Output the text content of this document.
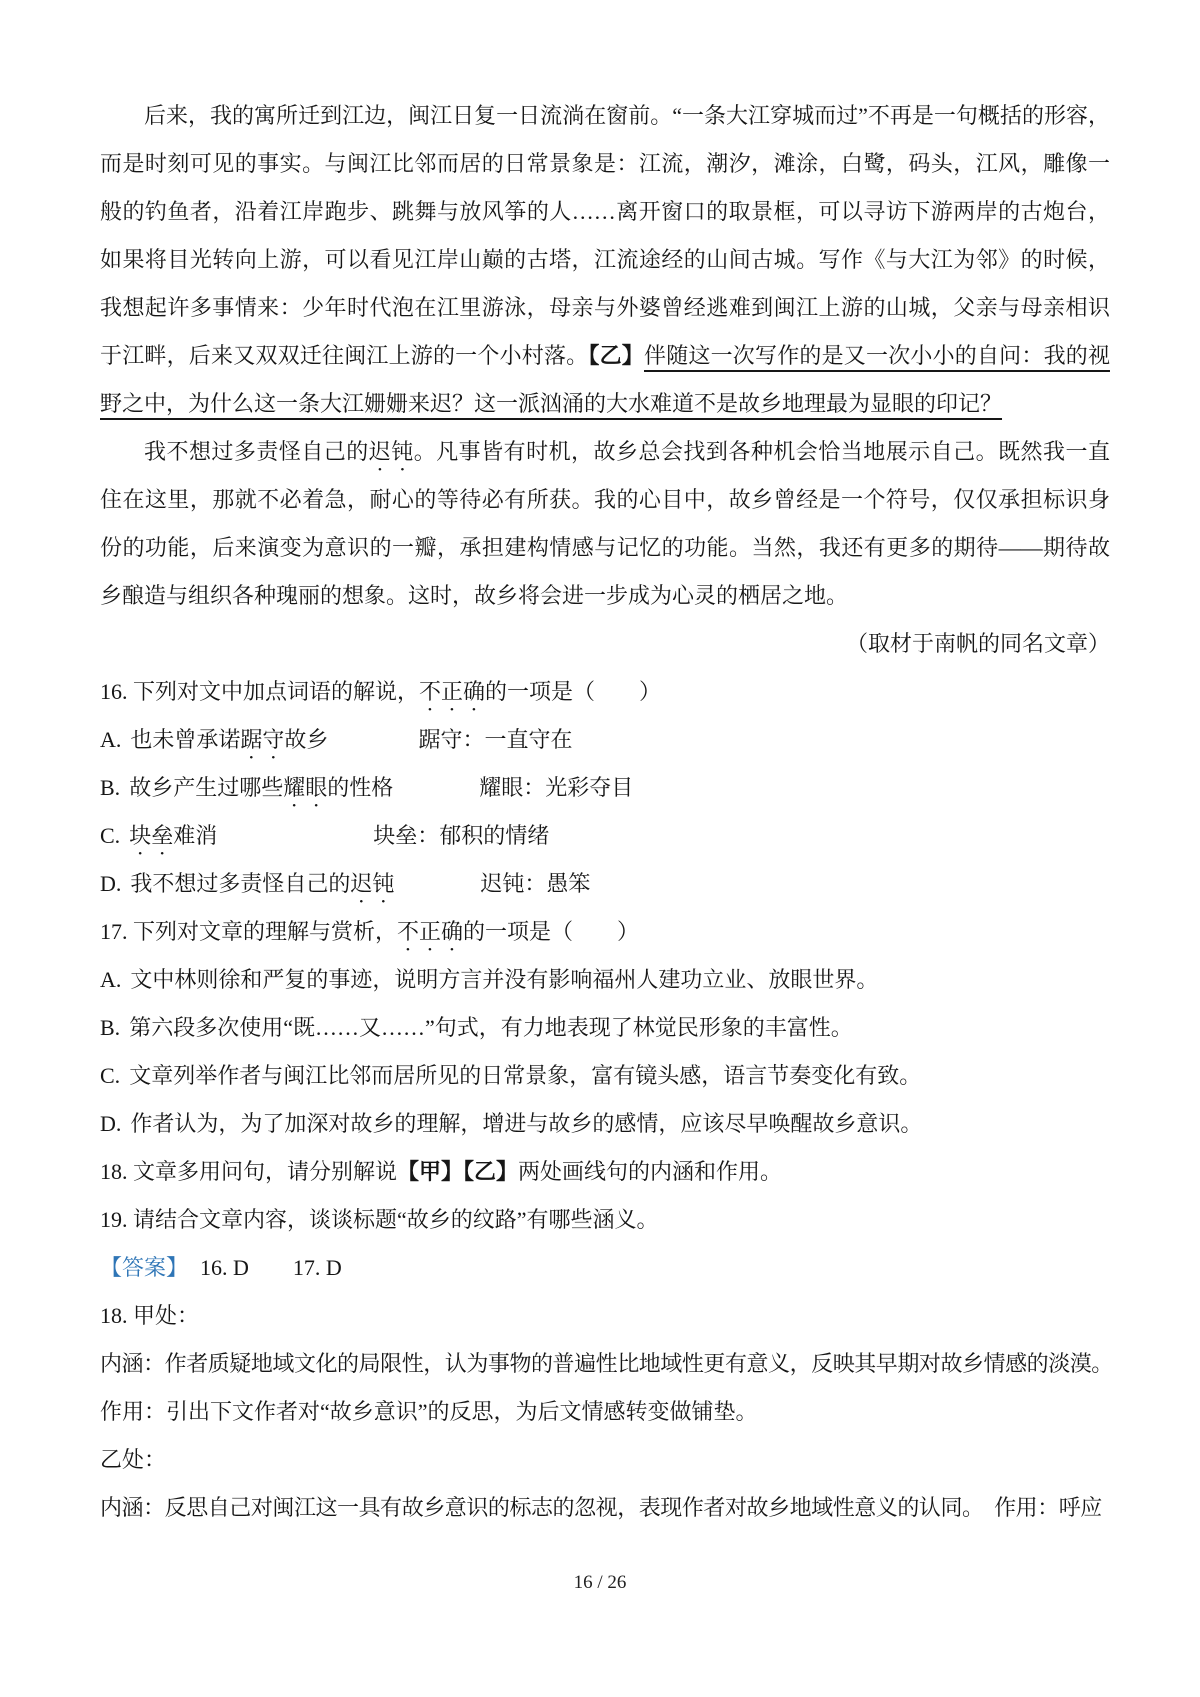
后来，我的寓所迁到江边，闽江日复一日流淌在窗前。“一条大江穿城而过”不再是一句概括的形容，而是时刻可见的事实。与闽江比邻而居的日常景象是：江流，潮汐，滩涂，白鹭，码头，江风，雕像一般的钓鱼者，沿着江岸跑步、跳舞与放风筝的人……离开窗口的取景框，可以寻访下游两岸的古炮台，如果将目光转向上游，可以看见江岸山巅的古塔，江流途经的山间古城。写作《与大江为邻》的时候，我想起许多事情来：少年时代泡在江里游泳，母亲与外婆曾经逃难到闽江上游的山城，父亲与母亲相识于江畔，后来又双双迁往闽江上游的一个小村落。【乙】伴随这一次写作的是又一次小小的自问：我的视野之中，为什么这一条大江姗姗来迟？这一派汹涌的大水难道不是故乡地理最为显眼的印记？

我不想过多责怪自己的迟钝。凡事皆有时机，故乡总会找到各种机会恰当地展示自己。既然我一直住在这里，那就不必着急，耐心的等待必有所获。我的心目中，故乡曾经是一个符号，仅仅承担标识身份的功能，后来演变为意识的一瓣，承担建构情感与记忆的功能。当然，我还有更多的期待——期待故乡酿造与组织各种瑰丽的想象。这时，故乡将会进一步成为心灵的栖居之地。

（取材于南帆的同名文章）

16. 下列对文中加点词语的解说，不正确的一项是（　　）

A. 也未曾承诺踞守故乡	踞守：一直守在

B. 故乡产生过哪些耀眼的性格	耀眼：光彩夺目

C. 块垒难消	块垒：郁积的情绪

D. 我不想过多责怪自己的迟钝	迟钝：愚笨

17. 下列对文章的理解与赏析，不正确的一项是（　　）

A. 文中林则徐和严复的事迹，说明方言并没有影响福州人建功立业、放眼世界。

B. 第六段多次使用“既……又……”句式，有力地表现了林觉民形象的丰富性。

C. 文章列举作者与闽江比邻而居所见的日常景象，富有镜头感，语言节奏变化有致。

D. 作者认为，为了加深对故乡的理解，增进与故乡的感情，应该尽早唤醒故乡意识。

18. 文章多用问句，请分别解说【甲】【乙】两处画线句的内涵和作用。

19. 请结合文章内容，谈谈标题“故乡的纹路”有哪些涵义。

【答案】 16. D 17. D

18. 甲处：

内涵：作者质疑地域文化的局限性，认为事物的普遍性比地域性更有意义，反映其早期对故乡情感的淡漠。

作用：引出下文作者对“故乡意识”的反思，为后文情感转变做铺垫。

乙处：

内涵：反思自己对闽江这一具有故乡意识的标志的忽视，表现作者对故乡地域性意义的认同。　作用：呼应

16 / 26
